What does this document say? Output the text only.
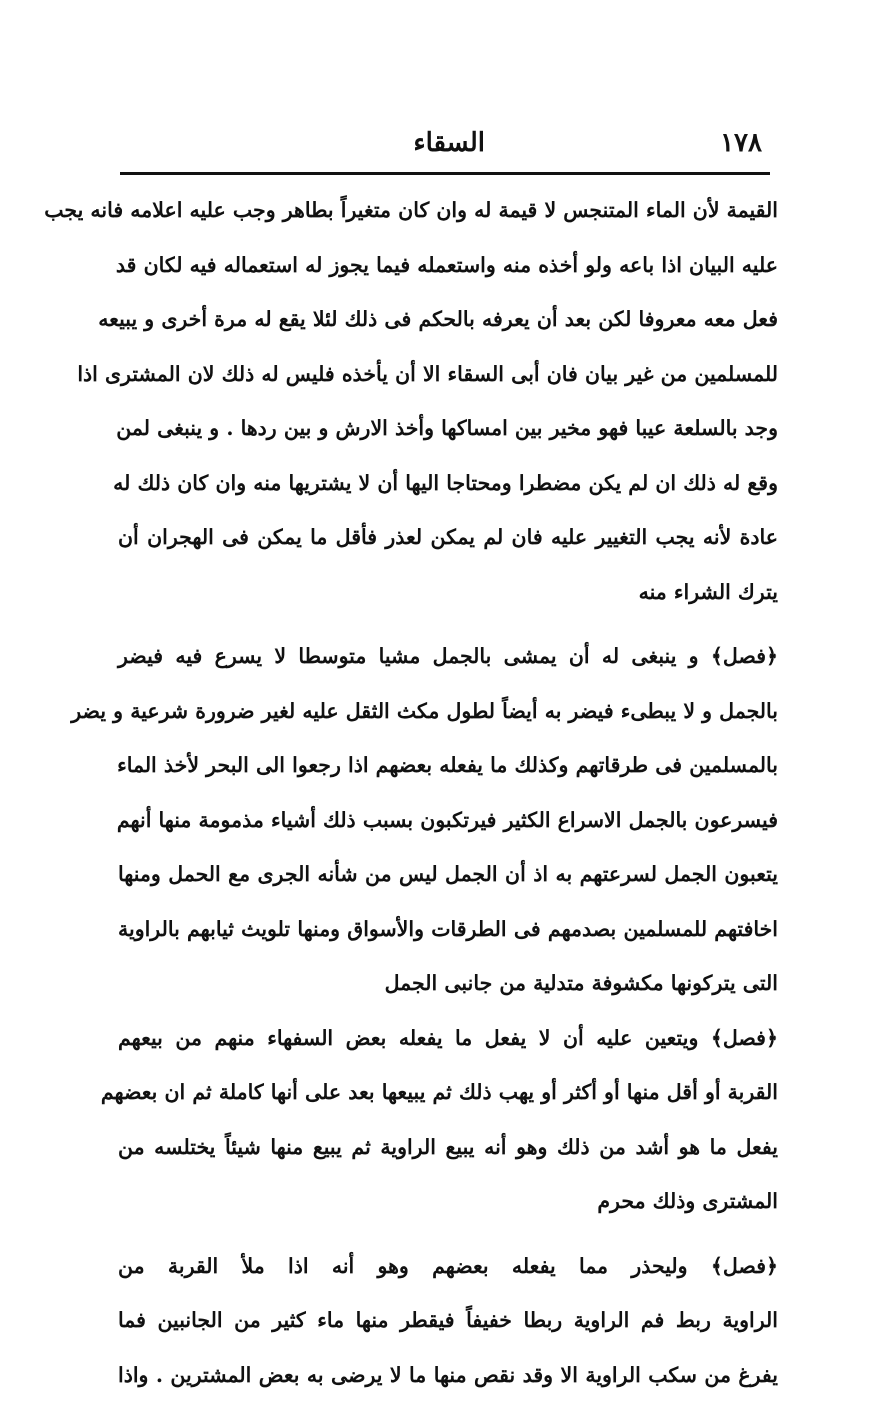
١٧٨
السقاء
القيمة لأن الماء المتنجس لا قيمة له وان كان متغيراً بطاهر وجب عليه اعلامه فانه يجب
عليه البيان اذا باعه ولو أخذه منه واستعمله فيما يجوز له استعماله فيه لكان قد
فعل معه معروفا لكن بعد أن يعرفه بالحكم فى ذلك لئلا يقع له مرة أخرى و يبيعه
للمسلمين من غير بيان فان أبى السقاء الا أن يأخذه فليس له ذلك لان المشترى اذا
وجد بالسلعة عيبا فهو مخير بين امساكها وأخذ الارش و بين ردها . و ينبغى لمن
وقع له ذلك ان لم يكن مضطرا ومحتاجا اليها أن لا يشتريها منه وان كان ذلك له
عادة لأنه يجب التغيير عليه فان لم يمكن لعذر فأقل ما يمكن فى الهجران أن
يترك الشراء منه
﴿فصل﴾ و ينبغى له أن يمشى بالجمل مشيا متوسطا لا يسرع فيه فيضر
بالجمل و لا يبطىء فيضر به أيضاً لطول مكث الثقل عليه لغير ضرورة شرعية و يضر
بالمسلمين فى طرقاتهم وكذلك ما يفعله بعضهم اذا رجعوا الى البحر لأخذ الماء
فيسرعون بالجمل الاسراع الكثير فيرتكبون بسبب ذلك أشياء مذمومة منها أنهم
يتعبون الجمل لسرعتهم به اذ أن الجمل ليس من شأنه الجرى مع الحمل ومنها
اخافتهم للمسلمين بصدمهم فى الطرقات والأسواق ومنها تلويث ثيابهم بالراوية
التى يتركونها مكشوفة متدلية من جانبى الجمل
﴿فصل﴾ ويتعين عليه أن لا يفعل ما يفعله بعض السفهاء منهم من بيعهم
القربة أو أقل منها أو أكثر أو يهب ذلك ثم يبيعها بعد على أنها كاملة ثم ان بعضهم
يفعل ما هو أشد من ذلك وهو أنه يبيع الراوية ثم يبيع منها شيئاً يختلسه من
المشترى وذلك محرم
﴿فصل﴾ وليحذر مما يفعله بعضهم وهو أنه اذا ملأ القربة من
الراوية ربط فم الراوية ربطا خفيفاً فيقطر منها ماء كثير من الجانبين فما
يفرغ من سكب الراوية الا وقد نقص منها ما لا يرضى به بعض المشترين . واذا
